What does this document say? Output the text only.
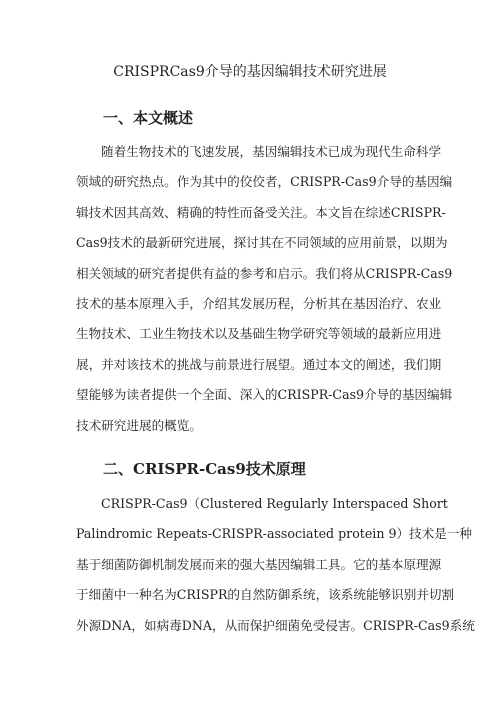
CRISPRCas9介导的基因编辑技术研究进展
一、本文概述
随着生物技术的飞速发展，基因编辑技术已成为现代生命科学
领域的研究热点。作为其中的佼佼者，CRISPR-Cas9介导的基因编
辑技术因其高效、精确的特性而备受关注。本文旨在综述CRISPR-
Cas9技术的最新研究进展，探讨其在不同领域的应用前景，以期为
相关领域的研究者提供有益的参考和启示。我们将从CRISPR-Cas9
技术的基本原理入手，介绍其发展历程，分析其在基因治疗、农业
生物技术、工业生物技术以及基础生物学研究等领域的最新应用进
展，并对该技术的挑战与前景进行展望。通过本文的阐述，我们期
望能够为读者提供一个全面、深入的CRISPR-Cas9介导的基因编辑
技术研究进展的概览。
二、CRISPR-Cas9技术原理
CRISPR-Cas9（Clustered Regularly Interspaced Short
Palindromic Repeats-CRISPR-associated protein 9）技术是一种
基于细菌防御机制发展而来的强大基因编辑工具。它的基本原理源
于细菌中一种名为CRISPR的自然防御系统，该系统能够识别并切割
外源DNA，如病毒DNA，从而保护细菌免受侵害。CRISPR-Cas9系统
